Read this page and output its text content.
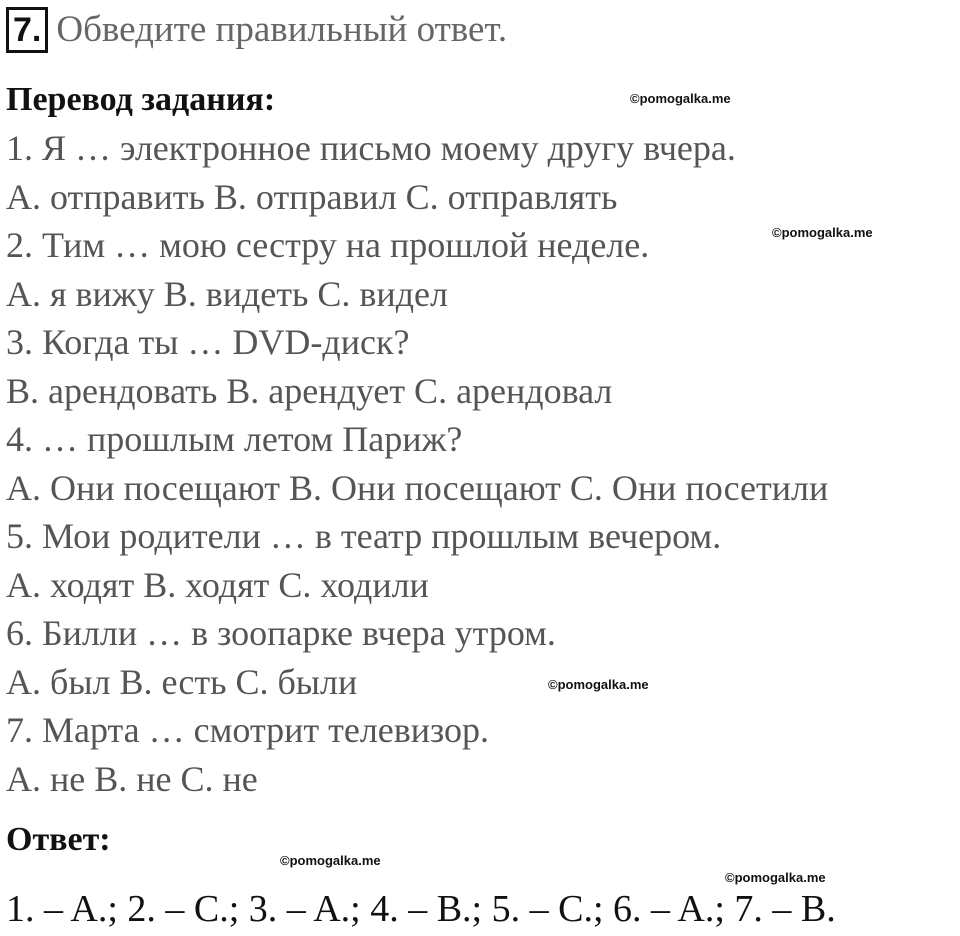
7. Обведите правильный ответ.
Перевод задания:	©pomogalka.me
©pomogalka.me
©pomogalka.me
©pomogalka.me
©pomogalka.me
1. Я … электронное письмо моему другу вчера.
A. отправить B. отправил C. отправлять
2. Тим … мою сестру на прошлой неделе.
A. я вижу B. видеть C. видел
3. Когда ты … DVD-диск?
B. арендовать B. арендует C. арендовал
4. … прошлым летом Париж?
A. Они посещают B. Они посещают C. Они посетили
5. Мои родители … в театр прошлым вечером.
A. ходят B. ходят C. ходили
6. Билли … в зоопарке вчера утром.
A. был B. есть C. были
7. Марта … смотрит телевизор.
A. не B. не C. не
Ответ:
1. – A.; 2. – C.; 3. – A.; 4. – B.; 5. – C.; 6. – A.; 7. – B.
